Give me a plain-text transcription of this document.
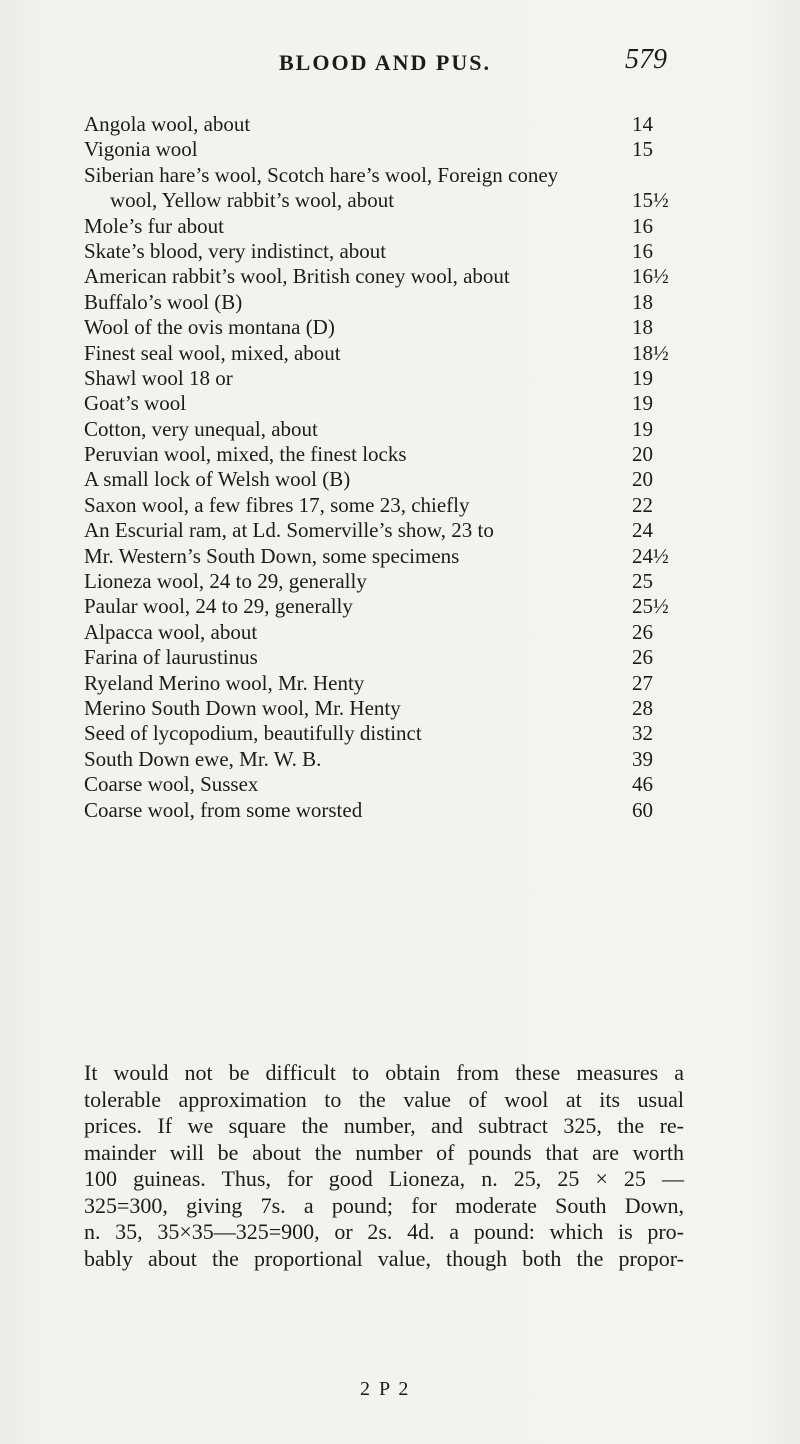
BLOOD AND PUS.	579
Angola wool, about	14
Vigonia wool	15
Siberian hare’s wool, Scotch hare’s wool, Foreign coney
wool, Yellow rabbit’s wool, about	15½
Mole’s fur about	16
Skate’s blood, very indistinct, about	16
American rabbit’s wool, British coney wool, about	16½
Buffalo’s wool (B)	18
Wool of the ovis montana (D)	18
Finest seal wool, mixed, about	18½
Shawl wool 18 or	19
Goat’s wool	19
Cotton, very unequal, about	19
Peruvian wool, mixed, the finest locks	20
A small lock of Welsh wool (B)	20
Saxon wool, a few fibres 17, some 23, chiefly	22
An Escurial ram, at Ld. Somerville’s show, 23 to	24
Mr. Western’s South Down, some specimens	24½
Lioneza wool, 24 to 29, generally	25
Paular wool, 24 to 29, generally	25½
Alpacca wool, about	26
Farina of laurustinus	26
Ryeland Merino wool, Mr. Henty	27
Merino South Down wool, Mr. Henty	28
Seed of lycopodium, beautifully distinct	32
South Down ewe, Mr. W. B.	39
Coarse wool, Sussex	46
Coarse wool, from some worsted	60
It would not be difficult to obtain from these measures a
tolerable approximation to the value of wool at its usual
prices. If we square the number, and subtract 325, the re-
mainder will be about the number of pounds that are worth
100 guineas. Thus, for good Lioneza, n. 25, 25 × 25 —
325=300, giving 7s. a pound; for moderate South Down,
n. 35, 35×35—325=900, or 2s. 4d. a pound: which is pro-
bably about the proportional value, though both the propor-
2 P 2
